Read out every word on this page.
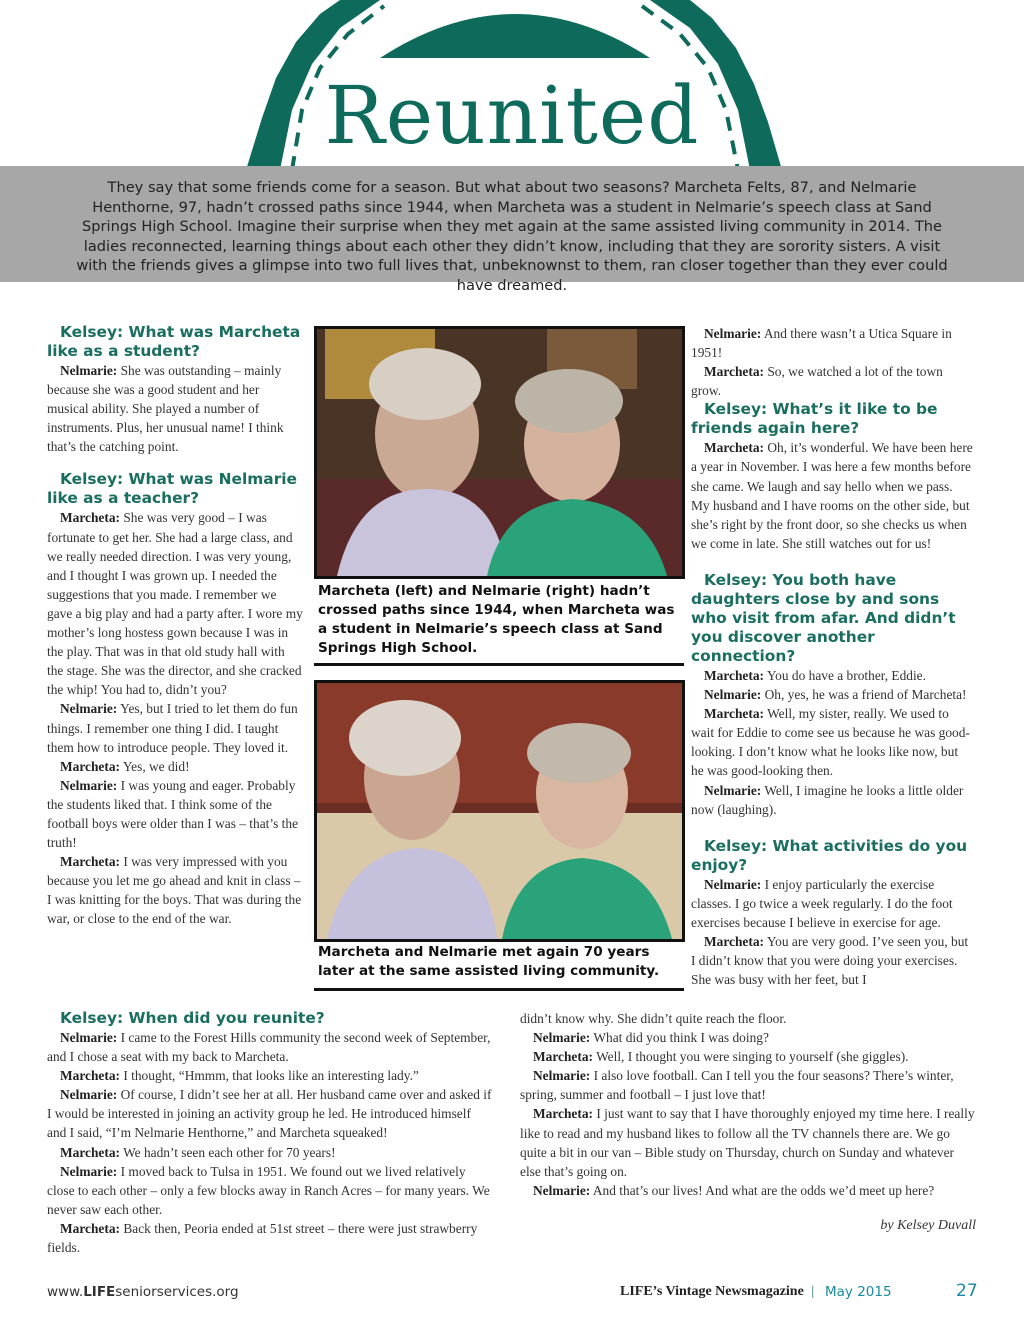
Reunited

They say that some friends come for a season. But what about two seasons? Marcheta Felts, 87, and Nelmarie Henthorne, 97, hadn’t crossed paths since 1944, when Marcheta was a student in Nelmarie’s speech class at Sand Springs High School. Imagine their surprise when they met again at the same assisted living community in 2014. The ladies reconnected, learning things about each other they didn’t know, including that they are sorority sisters. A visit with the friends gives a glimpse into two full lives that, unbeknownst to them, ran closer together than they ever could have dreamed.

Kelsey: What was Marcheta like as a student?

Nelmarie: She was outstanding – mainly because she was a good student and her musical ability. She played a number of instruments. Plus, her unusual name! I think that’s the catching point.

Kelsey: What was Nelmarie like as a teacher?

Marcheta: She was very good – I was fortunate to get her. She had a large class, and we really needed direction. I was very young, and I thought I was grown up. I needed the suggestions that you made. I remember we gave a big play and had a party after. I wore my mother’s long hostess gown because I was in the play. That was in that old study hall with the stage. She was the director, and she cracked the whip! You had to, didn’t you?

Nelmarie: Yes, but I tried to let them do fun things. I remember one thing I did. I taught them how to introduce people. They loved it.

Marcheta: Yes, we did!

Nelmarie: I was young and eager. Probably the students liked that. I think some of the football boys were older than I was – that’s the truth!

Marcheta: I was very impressed with you because you let me go ahead and knit in class – I was knitting for the boys. That was during the war, or close to the end of the war.

Kelsey: When did you reunite?

Nelmarie: I came to the Forest Hills community the second week of September, and I chose a seat with my back to Marcheta.

Marcheta: I thought, “Hmmm, that looks like an interesting lady.”

Nelmarie: Of course, I didn’t see her at all. Her husband came over and asked if I would be interested in joining an activity group he led. He introduced himself and I said, “I’m Nelmarie Henthorne,” and Marcheta squeaked!

Marcheta: We hadn’t seen each other for 70 years!

Nelmarie: I moved back to Tulsa in 1951. We found out we lived relatively close to each other – only a few blocks away in Ranch Acres – for many years. We never saw each other.

Marcheta: Back then, Peoria ended at 51st street – there were just strawberry fields.

Marcheta (left) and Nelmarie (right) hadn’t crossed paths since 1944, when Marcheta was a student in Nelmarie’s speech class at Sand Springs High School.
Marcheta and Nelmarie met again 70 years later at the same assisted living community.

Nelmarie: And there wasn’t a Utica Square in 1951!

Marcheta: So, we watched a lot of the town grow.

Kelsey: What’s it like to be friends again here?

Marcheta: Oh, it’s wonderful. We have been here a year in November. I was here a few months before she came. We laugh and say hello when we pass. My husband and I have rooms on the other side, but she’s right by the front door, so she checks us when we come in late. She still watches out for us!

Kelsey: You both have daughters close by and sons who visit from afar. And didn’t you discover another connection?

Marcheta: You do have a brother, Eddie.

Nelmarie: Oh, yes, he was a friend of Marcheta!

Marcheta: Well, my sister, really. We used to wait for Eddie to come see us because he was good-looking. I don’t know what he looks like now, but he was good-looking then.

Nelmarie: Well, I imagine he looks a little older now (laughing).

Kelsey: What activities do you enjoy?

Nelmarie: I enjoy particularly the exercise classes. I go twice a week regularly. I do the foot exercises because I believe in exercise for age.

Marcheta: You are very good. I’ve seen you, but I didn’t know that you were doing your exercises. She was busy with her feet, but I

didn’t know why. She didn’t quite reach the floor.

Nelmarie: What did you think I was doing?

Marcheta: Well, I thought you were singing to yourself (she giggles).

Nelmarie: I also love football. Can I tell you the four seasons? There’s winter, spring, summer and football – I just love that!

Marcheta: I just want to say that I have thoroughly enjoyed my time here. I really like to read and my husband likes to follow all the TV channels there are. We go quite a bit in our van – Bible study on Thursday, church on Sunday and whatever else that’s going on.

Nelmarie: And that’s our lives! And what are the odds we’d meet up here?

by Kelsey Duvall
www.LIFEseniorservices.org	LIFE’s Vintage Newsmagazine | May 2015	27
